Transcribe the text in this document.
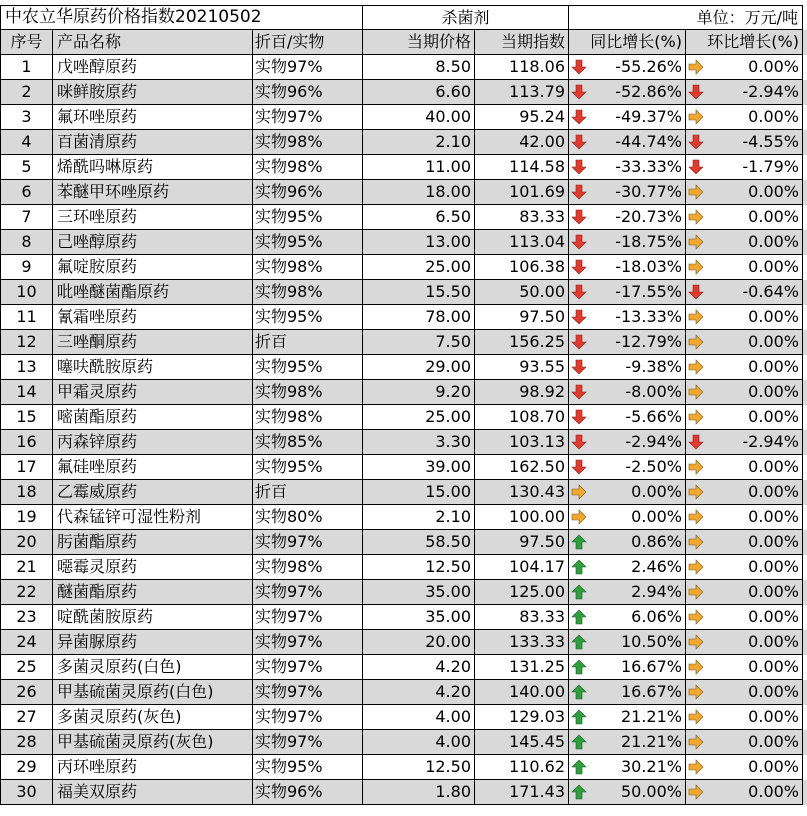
中农立华原药价格指数20210502	杀菌剂	单位：万元/吨
序号 产品名称	折百/实物	当期价格	当期指数	同比增长(%)	环比增长(%)
1	戊唑醇原药	实物97%	8.50	118.06	-55.26%	0.00%
2	咪鲜胺原药	实物96%	6.60	113.79	-52.86%	-2.94%
3	氟环唑原药	实物97%	40.00	95.24	-49.37%	0.00%
4	百菌清原药	实物98%	2.10	42.00	-44.74%	-4.55%
5	烯酰吗啉原药	实物98%	11.00	114.58	-33.33%	-1.79%
6	苯醚甲环唑原药	实物96%	18.00	101.69	-30.77%	0.00%
7	三环唑原药	实物95%	6.50	83.33	-20.73%	0.00%
8	己唑醇原药	实物95%	13.00	113.04	-18.75%	0.00%
9	氟啶胺原药	实物98%	25.00	106.38	-18.03%	0.00%
10	吡唑醚菌酯原药	实物98%	15.50	50.00	-17.55%	-0.64%
11	氰霜唑原药	实物95%	78.00	97.50	-13.33%	0.00%
12	三唑酮原药	折百	7.50	156.25	-12.79%	0.00%
13	噻呋酰胺原药	实物95%	29.00	93.55	-9.38%	0.00%
14	甲霜灵原药	实物98%	9.20	98.92	-8.00%	0.00%
15	嘧菌酯原药	实物98%	25.00	108.70	-5.66%	0.00%
16	丙森锌原药	实物85%	3.30	103.13	-2.94%	-2.94%
17	氟硅唑原药	实物95%	39.00	162.50	-2.50%	0.00%
18	乙霉威原药	折百	15.00	130.43	0.00%	0.00%
19	代森锰锌可湿性粉剂	实物80%	2.10	100.00	0.00%	0.00%
20	肟菌酯原药	实物97%	58.50	97.50	0.86%	0.00%
21	噁霉灵原药	实物98%	12.50	104.17	2.46%	0.00%
22	醚菌酯原药	实物97%	35.00	125.00	2.94%	0.00%
23	啶酰菌胺原药	实物97%	35.00	83.33	6.06%	0.00%
24	异菌脲原药	实物97%	20.00	133.33	10.50%	0.00%
25	多菌灵原药(白色)	实物97%	4.20	131.25	16.67%	0.00%
26	甲基硫菌灵原药(白色)	实物97%	4.20	140.00	16.67%	0.00%
27	多菌灵原药(灰色)	实物97%	4.00	129.03	21.21%	0.00%
28	甲基硫菌灵原药(灰色)	实物97%	4.00	145.45	21.21%	0.00%
29	丙环唑原药	实物95%	12.50	110.62	30.21%	0.00%
30	福美双原药	实物96%	1.80	171.43	50.00%	0.00%
